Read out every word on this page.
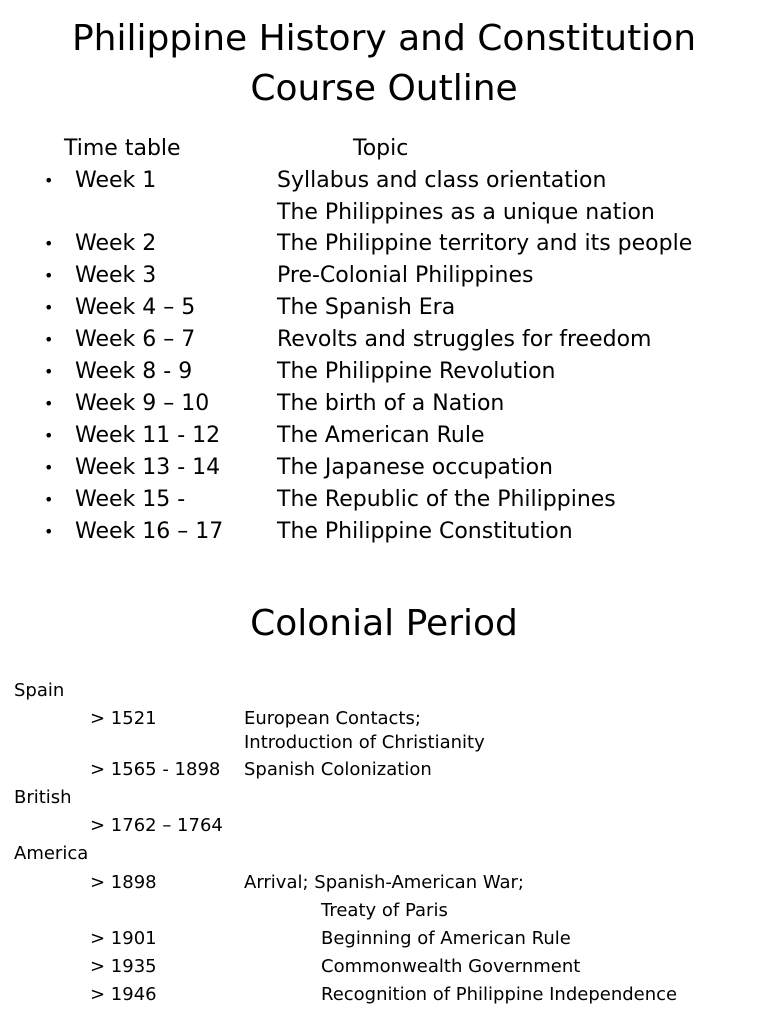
Philippine History and Constitution
Course Outline
Time table	Topic
• Week 1	Syllabus and class orientation
The Philippines as a unique nation
• Week 2	The Philippine territory and its people
• Week 3	Pre-Colonial Philippines
• Week 4 – 5	The Spanish Era
• Week 6 – 7	Revolts and struggles for freedom
• Week 8 - 9	The Philippine Revolution
• Week 9 – 10	The birth of a Nation
• Week 11 - 12	The American Rule
• Week 13 - 14	The Japanese occupation
• Week 15 -	The Republic of the Philippines
• Week 16 – 17 The Philippine Constitution
Colonial Period
Spain
> 1521	European Contacts;
Introduction of Christianity
> 1565 - 1898 Spanish Colonization
British
> 1762 – 1764
America
> 1898	Arrival; Spanish-American War;
Treaty of Paris
> 1901	Beginning of American Rule
> 1935	Commonwealth Government
> 1946	Recognition of Philippine Independence
